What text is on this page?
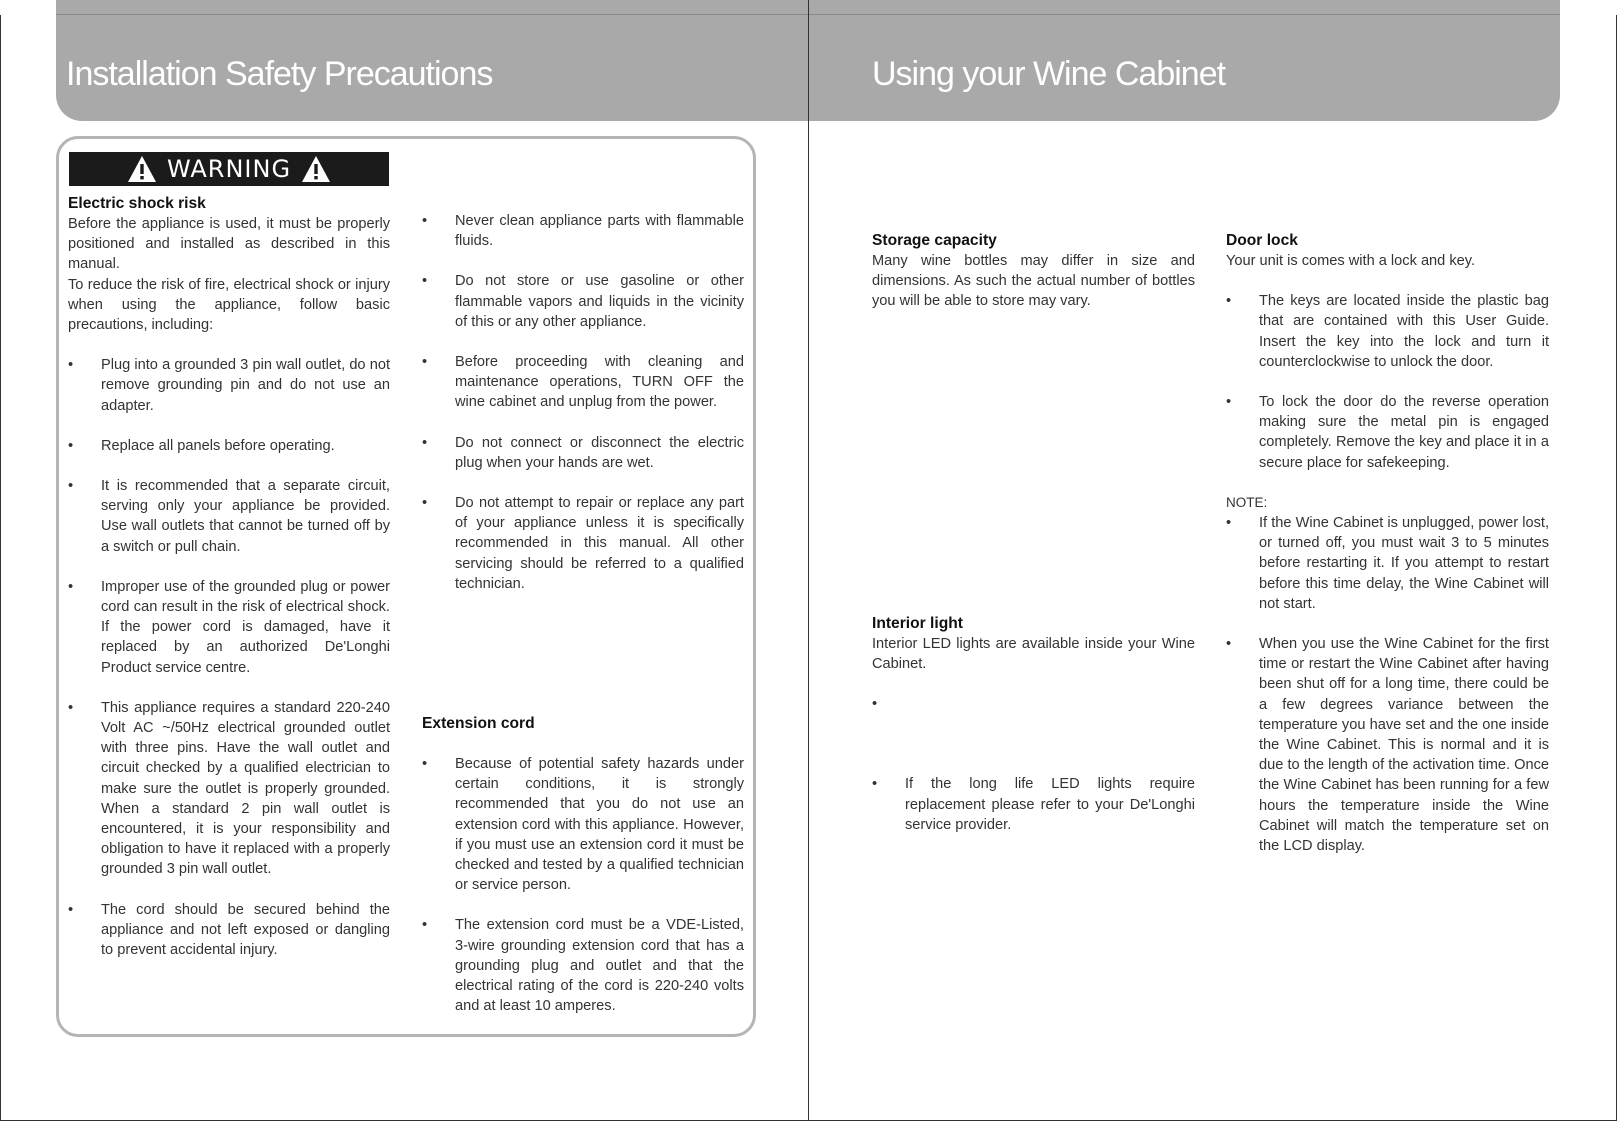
Installation Safety Precautions	Using your Wine Cabinet
WARNING
Electric shock risk

Before the appliance is used, it must be properly positioned and installed as described in this manual.

To reduce the risk of fire, electrical shock or injury when using the appliance, follow basic precautions, including:

• Plug into a grounded 3 pin wall outlet, do not remove grounding pin and do not use an adapter.
• Replace all panels before operating.
• It is recommended that a separate circuit, serving only your appliance be provided. Use wall outlets that cannot be turned off by a switch or pull chain.
• Improper use of the grounded plug or power cord can result in the risk of electrical shock. If the power cord is damaged, have it replaced by an authorized De'Longhi Product service centre.
• This appliance requires a standard 220-240 Volt AC ~/50Hz electrical grounded outlet with three pins. Have the wall outlet and circuit checked by a qualified electrician to make sure the outlet is properly grounded. When a standard 2 pin wall outlet is encountered, it is your responsibility and obligation to have it replaced with a properly grounded 3 pin wall outlet.
• The cord should be secured behind the appliance and not left exposed or dangling to prevent accidental injury.
• Never clean appliance parts with flammable fluids.
• Do not store or use gasoline or other flammable vapors and liquids in the vicinity of this or any other appliance.
• Before proceeding with cleaning and maintenance operations, TURN OFF the wine cabinet and unplug from the power.
• Do not connect or disconnect the electric plug when your hands are wet.
• Do not attempt to repair or replace any part of your appliance unless it is specifically recommended in this manual. All other servicing should be referred to a qualified technician.
Extension cord
• Because of potential safety hazards under certain conditions, it is strongly recommended that you do not use an extension cord with this appliance. However, if you must use an extension cord it must be checked and tested by a qualified technician or service person.
• The extension cord must be a VDE-Listed, 3-wire grounding extension cord that has a grounding plug and outlet and that the electrical rating of the cord is 220-240 volts and at least 10 amperes.
Storage capacity

Many wine bottles may differ in size and dimensions. As such the actual number of bottles you will be able to store may vary.

Interior light

Interior LED lights are available inside your Wine Cabinet.

•
• If the long life LED lights require replacement please refer to your De'Longhi service provider.
Door lock

Your unit is comes with a lock and key.

• The keys are located inside the plastic bag that are contained with this User Guide. Insert the key into the lock and turn it counterclockwise to unlock the door.
• To lock the door do the reverse operation making sure the metal pin is engaged completely. Remove the key and place it in a secure place for safekeeping.

NOTE:

• If the Wine Cabinet is unplugged, power lost, or turned off, you must wait 3 to 5 minutes before restarting it. If you attempt to restart before this time delay, the Wine Cabinet will not start.
• When you use the Wine Cabinet for the first time or restart the Wine Cabinet after having been shut off for a long time, there could be a few degrees variance between the temperature you have set and the one inside the Wine Cabinet. This is normal and it is due to the length of the activation time. Once the Wine Cabinet has been running for a few hours the temperature inside the Wine Cabinet will match the temperature set on the LCD display.
